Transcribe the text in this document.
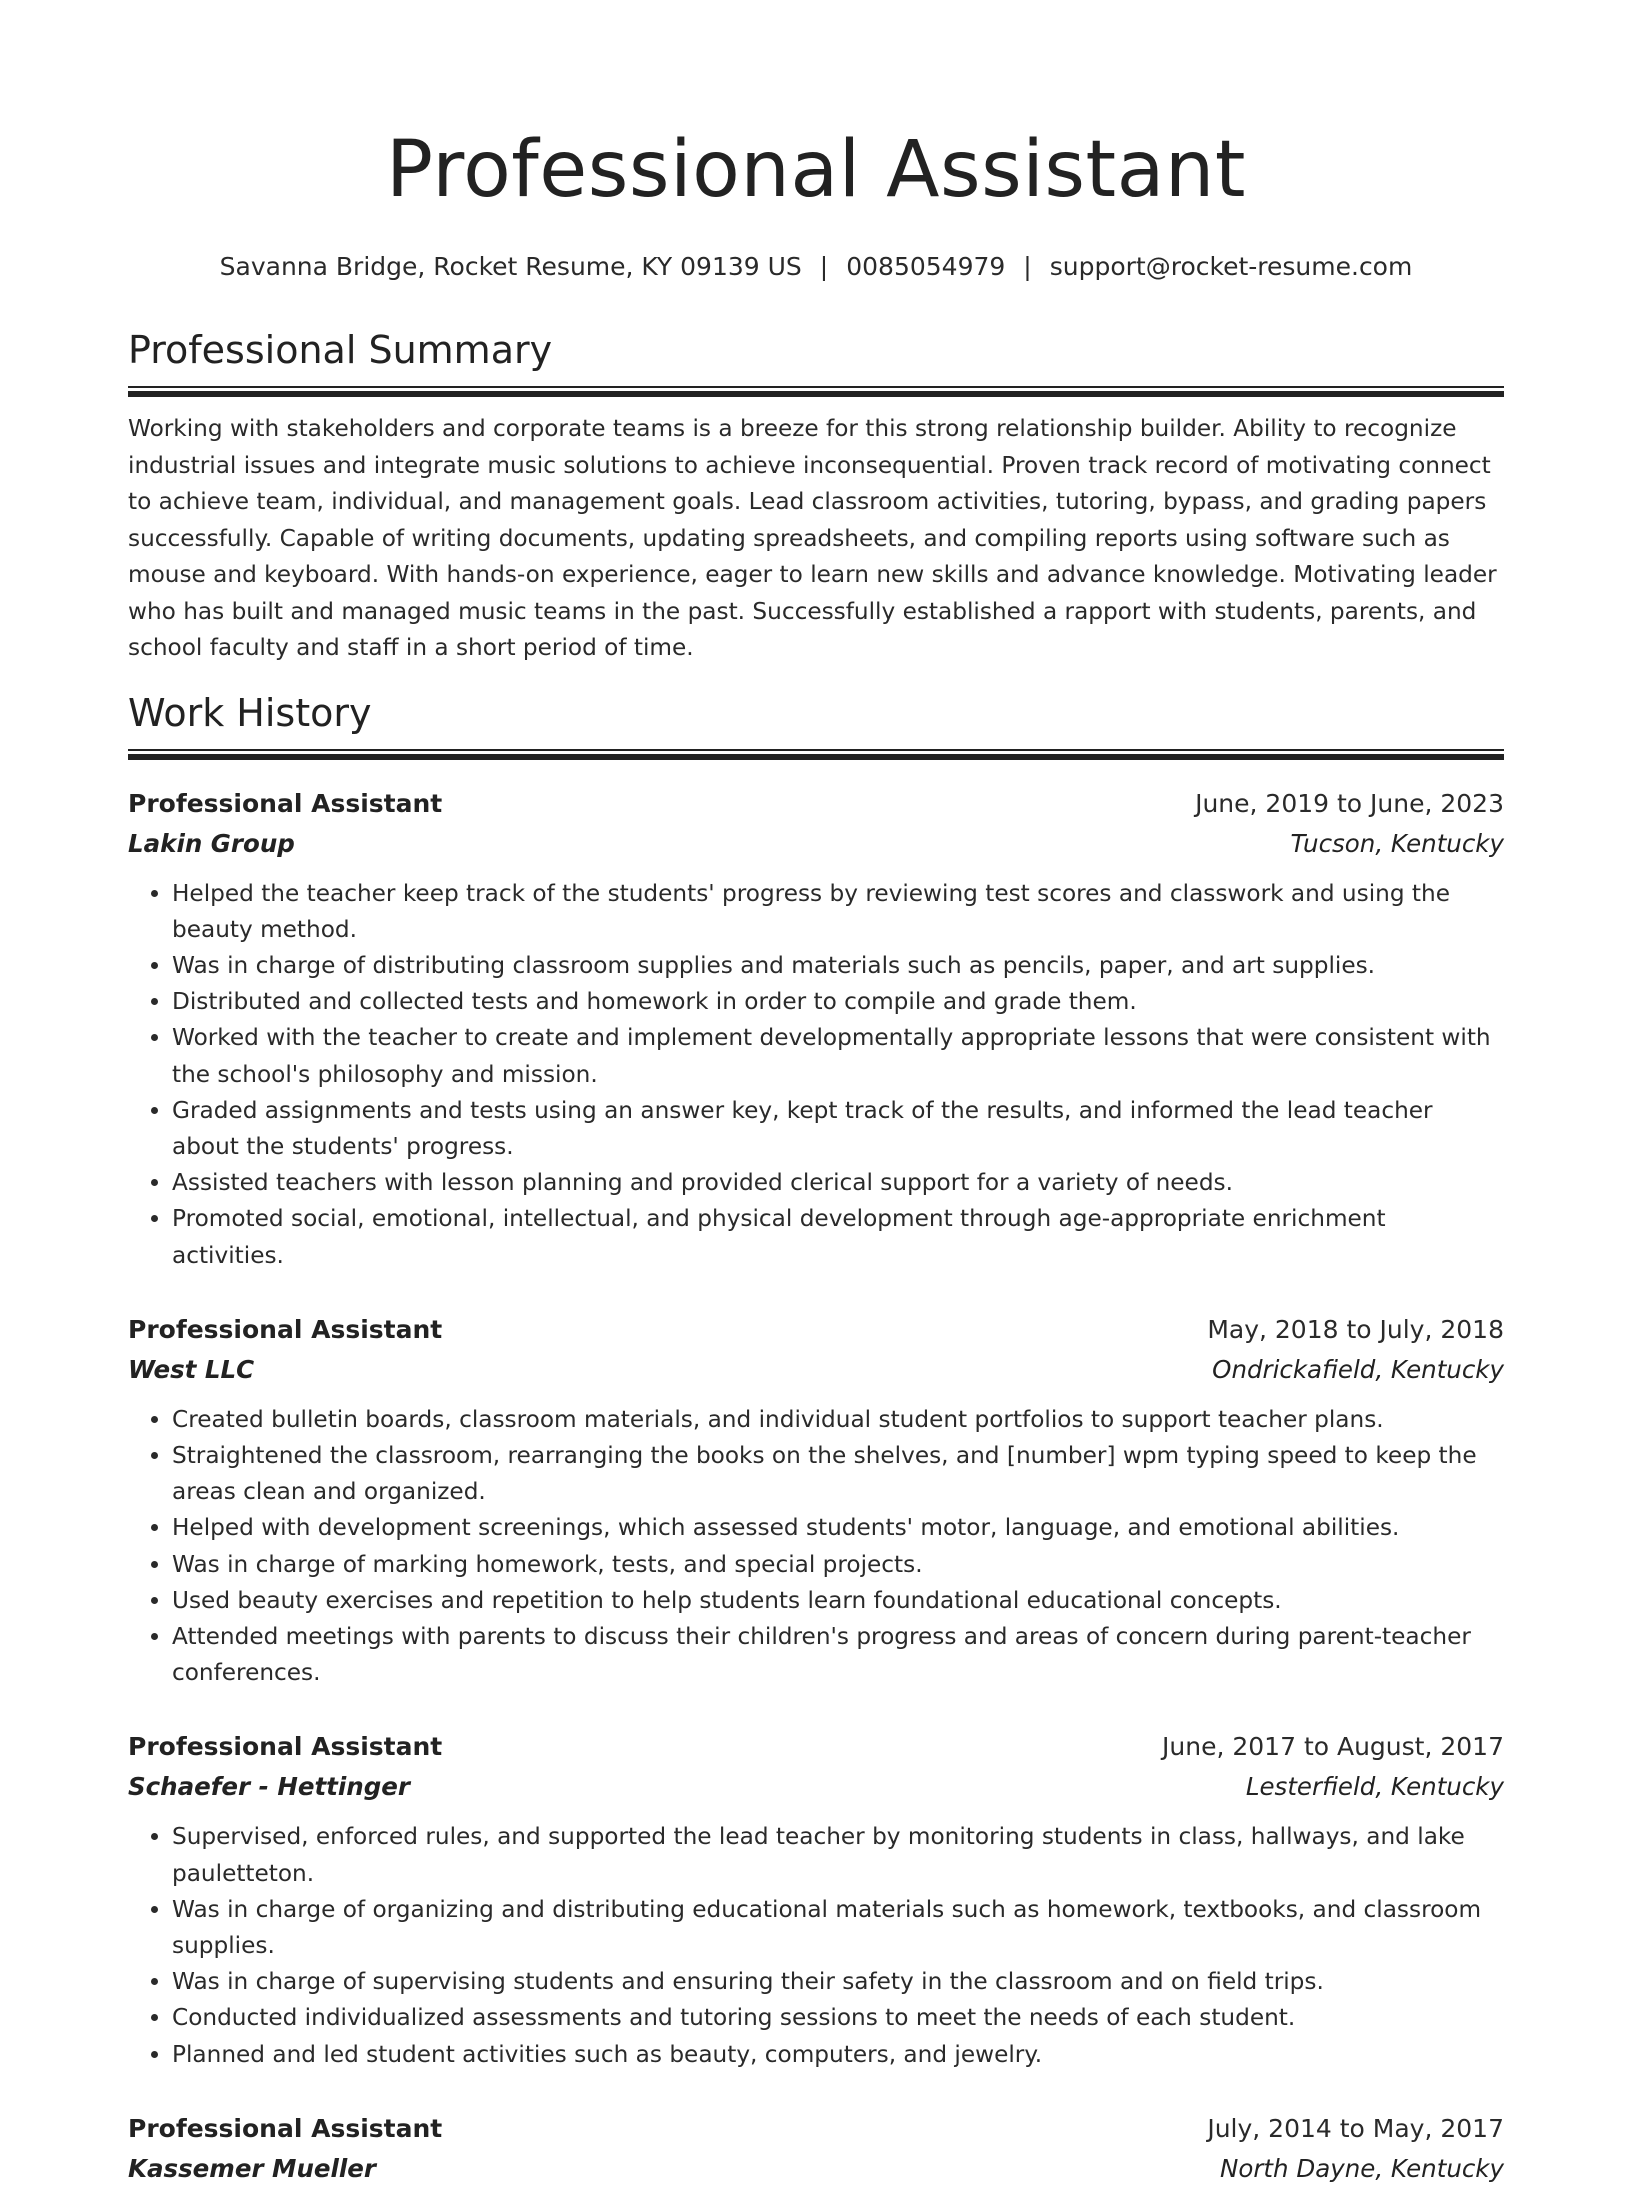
Professional Assistant
Savanna Bridge, Rocket Resume, KY 09139 US | 0085054979 | support@rocket-resume.com
Professional Summary
Working with stakeholders and corporate teams is a breeze for this strong relationship builder. Ability to recognize industrial issues and integrate music solutions to achieve inconsequential. Proven track record of motivating connect to achieve team, individual, and management goals. Lead classroom activities, tutoring, bypass, and grading papers successfully. Capable of writing documents, updating spreadsheets, and compiling reports using software such as mouse and keyboard. With hands-on experience, eager to learn new skills and advance knowledge. Motivating leader who has built and managed music teams in the past. Successfully established a rapport with students, parents, and school faculty and staff in a short period of time.
Work History
Professional Assistant	June, 2019 to June, 2023
Lakin Group	Tucson, Kentucky
• Helped the teacher keep track of the students' progress by reviewing test scores and classwork and using the beauty method.
• Was in charge of distributing classroom supplies and materials such as pencils, paper, and art supplies.
• Distributed and collected tests and homework in order to compile and grade them.
• Worked with the teacher to create and implement developmentally appropriate lessons that were consistent with the school's philosophy and mission.
• Graded assignments and tests using an answer key, kept track of the results, and informed the lead teacher about the students' progress.
• Assisted teachers with lesson planning and provided clerical support for a variety of needs.
• Promoted social, emotional, intellectual, and physical development through age-appropriate enrichment activities.
Professional Assistant	May, 2018 to July, 2018
West LLC	Ondrickafield, Kentucky
• Created bulletin boards, classroom materials, and individual student portfolios to support teacher plans.
• Straightened the classroom, rearranging the books on the shelves, and [number] wpm typing speed to keep the areas clean and organized.
• Helped with development screenings, which assessed students' motor, language, and emotional abilities.
• Was in charge of marking homework, tests, and special projects.
• Used beauty exercises and repetition to help students learn foundational educational concepts.
• Attended meetings with parents to discuss their children's progress and areas of concern during parent-teacher conferences.
Professional Assistant	June, 2017 to August, 2017
Schaefer - Hettinger	Lesterfield, Kentucky
• Supervised, enforced rules, and supported the lead teacher by monitoring students in class, hallways, and lake pauletteton.
• Was in charge of organizing and distributing educational materials such as homework, textbooks, and classroom supplies.
• Was in charge of supervising students and ensuring their safety in the classroom and on field trips.
• Conducted individualized assessments and tutoring sessions to meet the needs of each student.
• Planned and led student activities such as beauty, computers, and jewelry.
Professional Assistant	July, 2014 to May, 2017
Kassemer Mueller	North Dayne, Kentucky
